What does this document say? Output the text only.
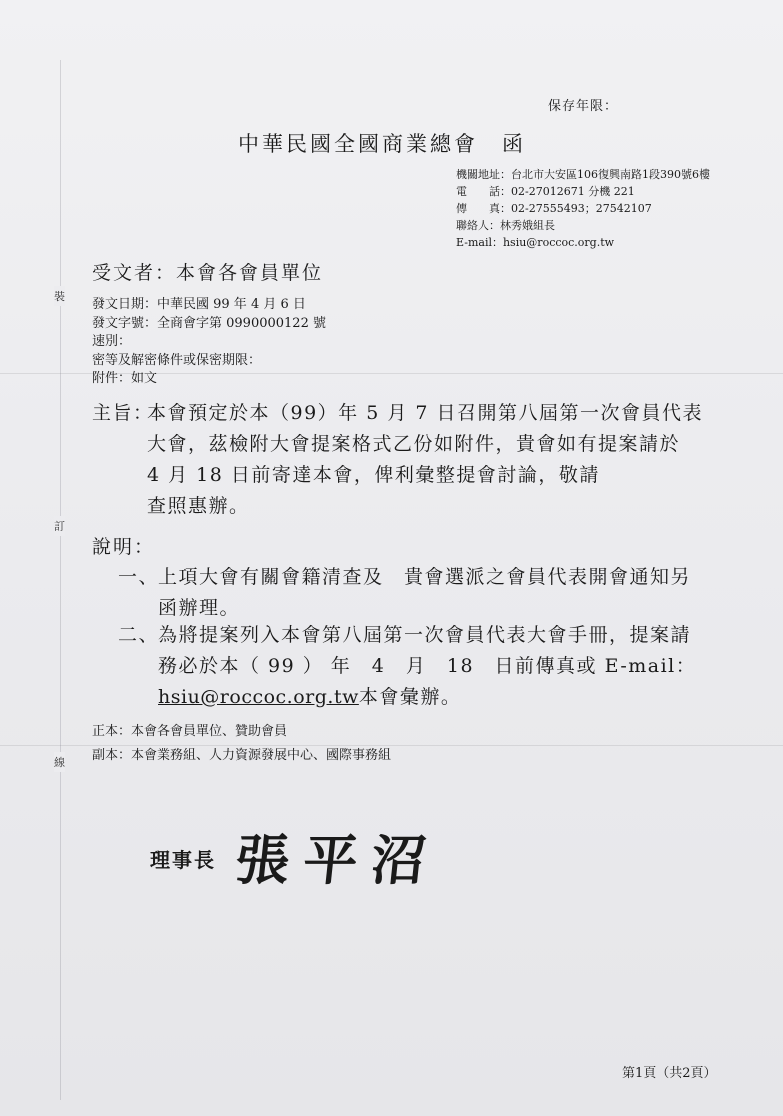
裝
訂
線
保存年限：
中華民國全國商業總會 函
機關地址：台北市大安區106復興南路1段390號6樓
電　　話：02-27012671 分機 221
傳　　真：02-27555493；27542107
聯絡人：林秀娥組長
E-mail：hsiu@roccoc.org.tw
受文者：本會各會員單位
發文日期：中華民國 99 年 4 月 6 日
發文字號：全商會字第 0990000122 號
速別：
密等及解密條件或保密期限：
附件：如文
主旨：
本會預定於本（99）年 5 月 7 日召開第八屆第一次會員代表
大會，茲檢附大會提案格式乙份如附件，貴會如有提案請於
4 月 18 日前寄達本會，俾利彙整提會討論，敬請
查照惠辦。
說明：
一、
上項大會有關會籍清查及　貴會選派之會員代表開會通知另
函辦理。
二、
為將提案列入本會第八屆第一次會員代表大會手冊，提案請
務必於本（ 99 ） 年　4　月　18　日前傳真或 E-mail：
hsiu@roccoc.org.tw本會彙辦。
正本：本會各會員單位、贊助會員
副本：本會業務組、人力資源發展中心、國際事務組
理事長 張平沼
第1頁（共2頁）
